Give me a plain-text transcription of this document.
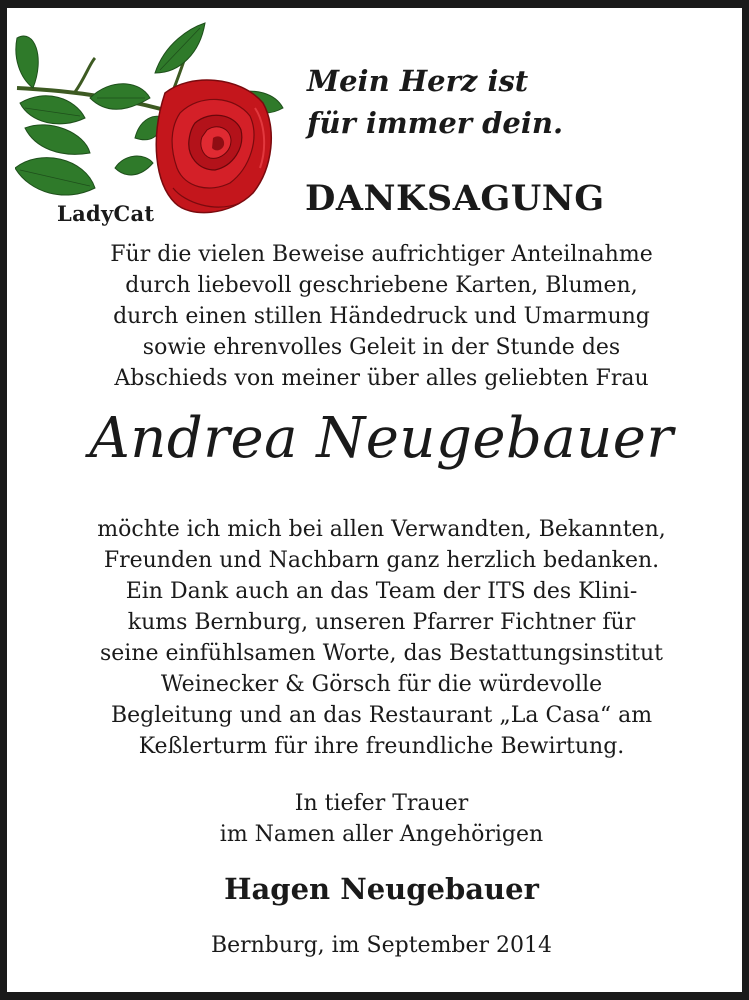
LadyCat
Mein Herz ist
für immer dein.
DANKSAGUNG
Für die vielen Beweise aufrichtiger Anteilnahme
durch liebevoll geschriebene Karten, Blumen,
durch einen stillen Händedruck und Umarmung
sowie ehrenvolles Geleit in der Stunde des
Abschieds von meiner über alles geliebten Frau
Andrea Neugebauer
möchte ich mich bei allen Verwandten, Bekannten,
Freunden und Nachbarn ganz herzlich bedanken.
Ein Dank auch an das Team der ITS des Klini-
kums Bernburg, unseren Pfarrer Fichtner für
seine einfühlsamen Worte, das Bestattungsinstitut
Weinecker & Görsch für die würdevolle
Begleitung und an das Restaurant „La Casa“ am
Keßlerturm für ihre freundliche Bewirtung.
In tiefer Trauer
im Namen aller Angehörigen
Hagen Neugebauer
Bernburg, im September 2014
